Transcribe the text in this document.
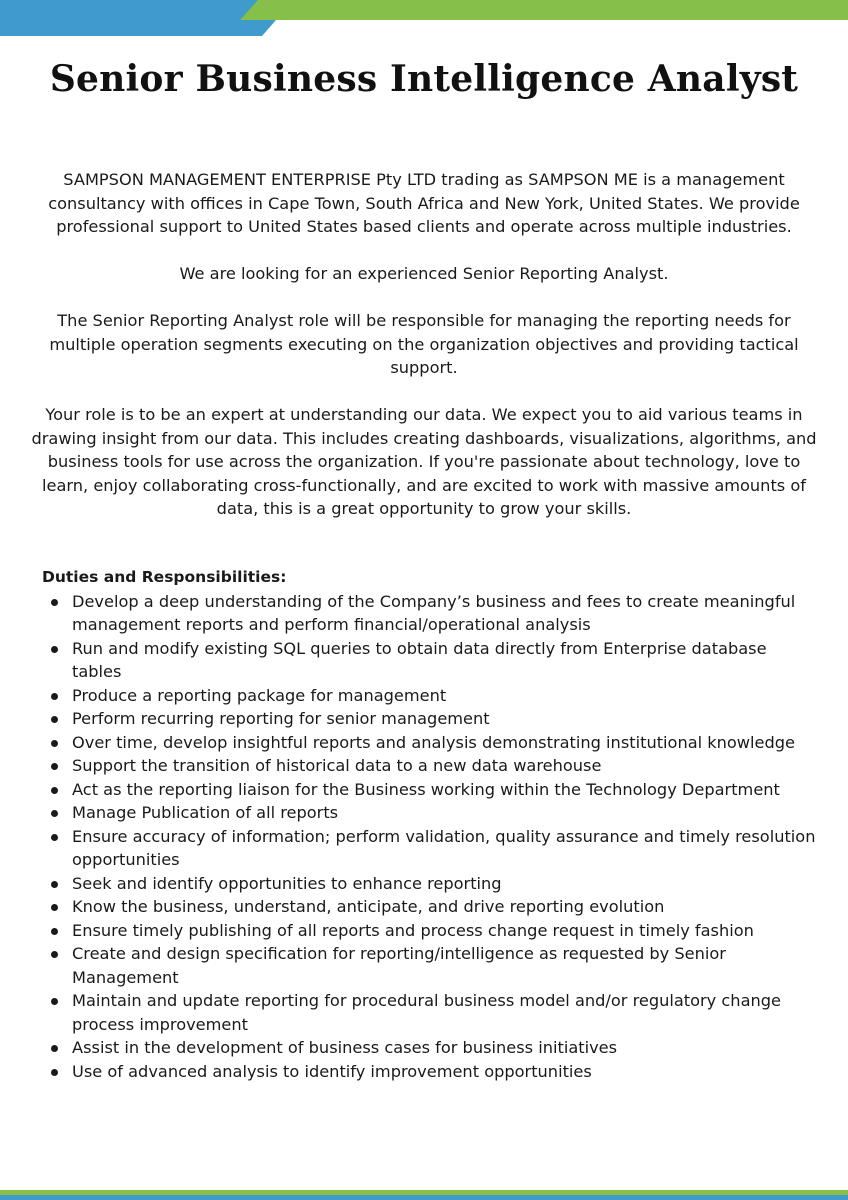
Senior Business Intelligence Analyst

SAMPSON MANAGEMENT ENTERPRISE Pty LTD trading as SAMPSON ME is a management consultancy with offices in Cape Town, South Africa and New York, United States. We provide professional support to United States based clients and operate across multiple industries.

We are looking for an experienced Senior Reporting Analyst.

The Senior Reporting Analyst role will be responsible for managing the reporting needs for multiple operation segments executing on the organization objectives and providing tactical support.

Your role is to be an expert at understanding our data. We expect you to aid various teams in drawing insight from our data. This includes creating dashboards, visualizations, algorithms, and business tools for use across the organization. If you're passionate about technology, love to learn, enjoy collaborating cross-functionally, and are excited to work with massive amounts of data, this is a great opportunity to grow your skills.

Duties and Responsibilities:

Develop a deep understanding of the Company’s business and fees to create meaningful management reports and perform financial/operational analysis
Run and modify existing SQL queries to obtain data directly from Enterprise database tables
Produce a reporting package for management
Perform recurring reporting for senior management
Over time, develop insightful reports and analysis demonstrating institutional knowledge
Support the transition of historical data to a new data warehouse
Act as the reporting liaison for the Business working within the Technology Department
Manage Publication of all reports
Ensure accuracy of information; perform validation, quality assurance and timely resolution opportunities
Seek and identify opportunities to enhance reporting
Know the business, understand, anticipate, and drive reporting evolution
Ensure timely publishing of all reports and process change request in timely fashion
Create and design specification for reporting/intelligence as requested by Senior Management
Maintain and update reporting for procedural business model and/or regulatory change process improvement
Assist in the development of business cases for business initiatives
Use of advanced analysis to identify improvement opportunities
